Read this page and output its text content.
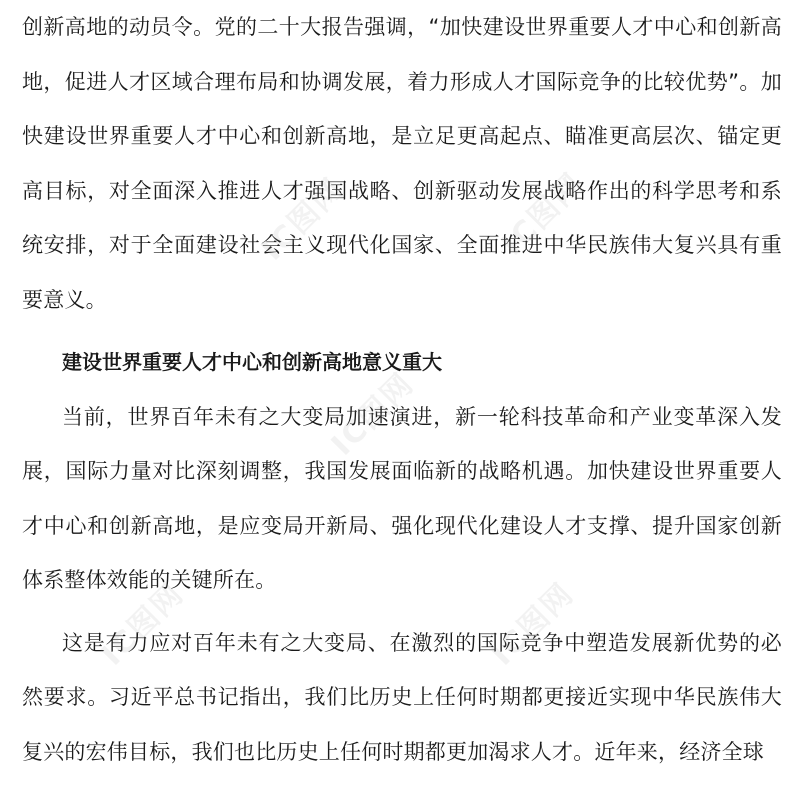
创新高地的动员令。党的二十大报告强调，“加快建设世界重要人才中心和创新高地，促进人才区域合理布局和协调发展，着力形成人才国际竞争的比较优势”。加快建设世界重要人才中心和创新高地，是立足更高起点、瞄准更高层次、锚定更高目标，对全面深入推进人才强国战略、创新驱动发展战略作出的科学思考和系统安排，对于全面建设社会主义现代化国家、全面推进中华民族伟大复兴具有重要意义。

建设世界重要人才中心和创新高地意义重大

当前，世界百年未有之大变局加速演进，新一轮科技革命和产业变革深入发展，国际力量对比深刻调整，我国发展面临新的战略机遇。加快建设世界重要人才中心和创新高地，是应变局开新局、强化现代化建设人才支撑、提升国家创新体系整体效能的关键所在。

这是有力应对百年未有之大变局、在激烈的国际竞争中塑造发展新优势的必然要求。习近平总书记指出，我们比历史上任何时期都更接近实现中华民族伟大复兴的宏伟目标，我们也比历史上任何时期都更加渴求人才。近年来，经济全球

IC图网	IC图网
IC图网
IC图网	IC图网
